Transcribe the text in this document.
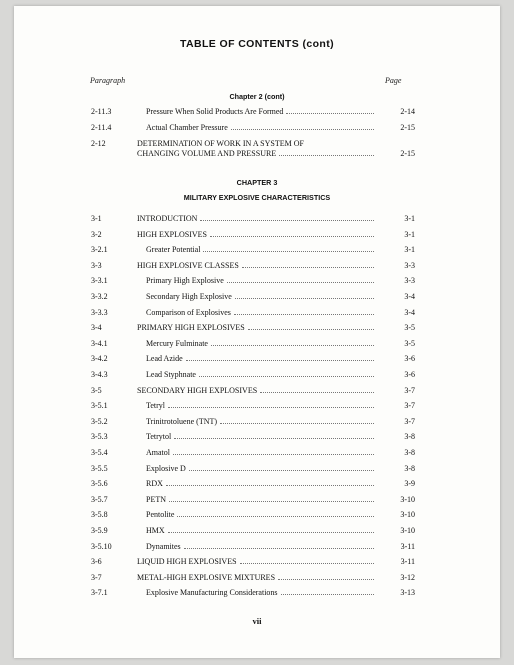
TABLE OF CONTENTS (cont)
Paragraph	Page
Chapter 2 (cont)
2-11.3	Pressure When Solid Products Are Formed	2-14
2-11.4	Actual Chamber Pressure	2-15
2-12	DETERMINATION OF WORK IN A SYSTEM OF
CHANGING VOLUME AND PRESSURE	2-15
CHAPTER 3
MILITARY EXPLOSIVE CHARACTERISTICS
3-1	INTRODUCTION	3-1
3-2	HIGH EXPLOSIVES	3-1
3-2.1	Greater Potential	3-1
3-3	HIGH EXPLOSIVE CLASSES	3-3
3-3.1	Primary High Explosive	3-3
3-3.2	Secondary High Explosive	3-4
3-3.3	Comparison of Explosives	3-4
3-4	PRIMARY HIGH EXPLOSIVES	3-5
3-4.1	Mercury Fulminate	3-5
3-4.2	Lead Azide	3-6
3-4.3	Lead Styphnate	3-6
3-5	SECONDARY HIGH EXPLOSIVES	3-7
3-5.1	Tetryl	3-7
3-5.2	Trinitrotoluene (TNT)	3-7
3-5.3	Tetrytol	3-8
3-5.4	Amatol	3-8
3-5.5	Explosive D	3-8
3-5.6	RDX	3-9
3-5.7	PETN	3-10
3-5.8	Pentolite	3-10
3-5.9	HMX	3-10
3-5.10	Dynamites	3-11
3-6	LIQUID HIGH EXPLOSIVES	3-11
3-7	METAL-HIGH EXPLOSIVE MIXTURES	3-12
3-7.1	Explosive Manufacturing Considerations	3-13
vii
